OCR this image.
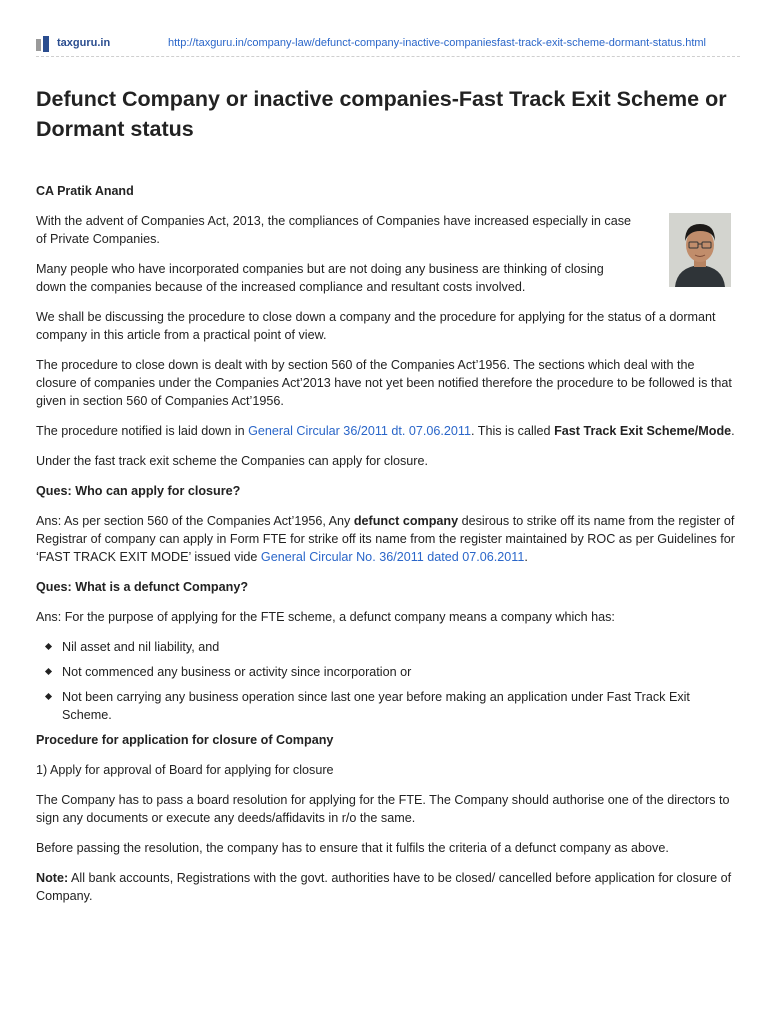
taxguru.in	http://taxguru.in/company-law/defunct-company-inactive-companiesfast-track-exit-scheme-dormant-status.html
Defunct Company or inactive companies-Fast Track Exit Scheme or Dormant status
CA Pratik Anand

With the advent of Companies Act, 2013, the compliances of Companies have increased especially in case of Private Companies.

Many people who have incorporated companies but are not doing any business are thinking of closing down the companies because of the increased compliance and resultant costs involved.

We shall be discussing the procedure to close down a company and the procedure for applying for the status of a dormant company in this article from a practical point of view.

The procedure to close down is dealt with by section 560 of the Companies Act’1956. The sections which deal with the closure of companies under the Companies Act’2013 have not yet been notified therefore the procedure to be followed is that given in section 560 of Companies Act’1956.

The procedure notified is laid down in General Circular 36/2011 dt. 07.06.2011. This is called Fast Track Exit Scheme/Mode.

Under the fast track exit scheme the Companies can apply for closure.

Ques: Who can apply for closure?

Ans: As per section 560 of the Companies Act’1956, Any defunct company desirous to strike off its name from the register of Registrar of company can apply in Form FTE for strike off its name from the register maintained by ROC as per Guidelines for ‘FAST TRACK EXIT MODE’ issued vide General Circular No. 36/2011 dated 07.06.2011.

Ques: What is a defunct Company?

Ans: For the purpose of applying for the FTE scheme, a defunct company means a company which has:

Nil asset and nil liability, and
Not commenced any business or activity since incorporation or
Not been carrying any business operation since last one year before making an application under Fast Track Exit Scheme.

Procedure for application for closure of Company

1) Apply for approval of Board for applying for closure

The Company has to pass a board resolution for applying for the FTE. The Company should authorise one of the directors to sign any documents or execute any deeds/affidavits in r/o the same.

Before passing the resolution, the company has to ensure that it fulfils the criteria of a defunct company as above.

Note: All bank accounts, Registrations with the govt. authorities have to be closed/ cancelled before application for closure of Company.
